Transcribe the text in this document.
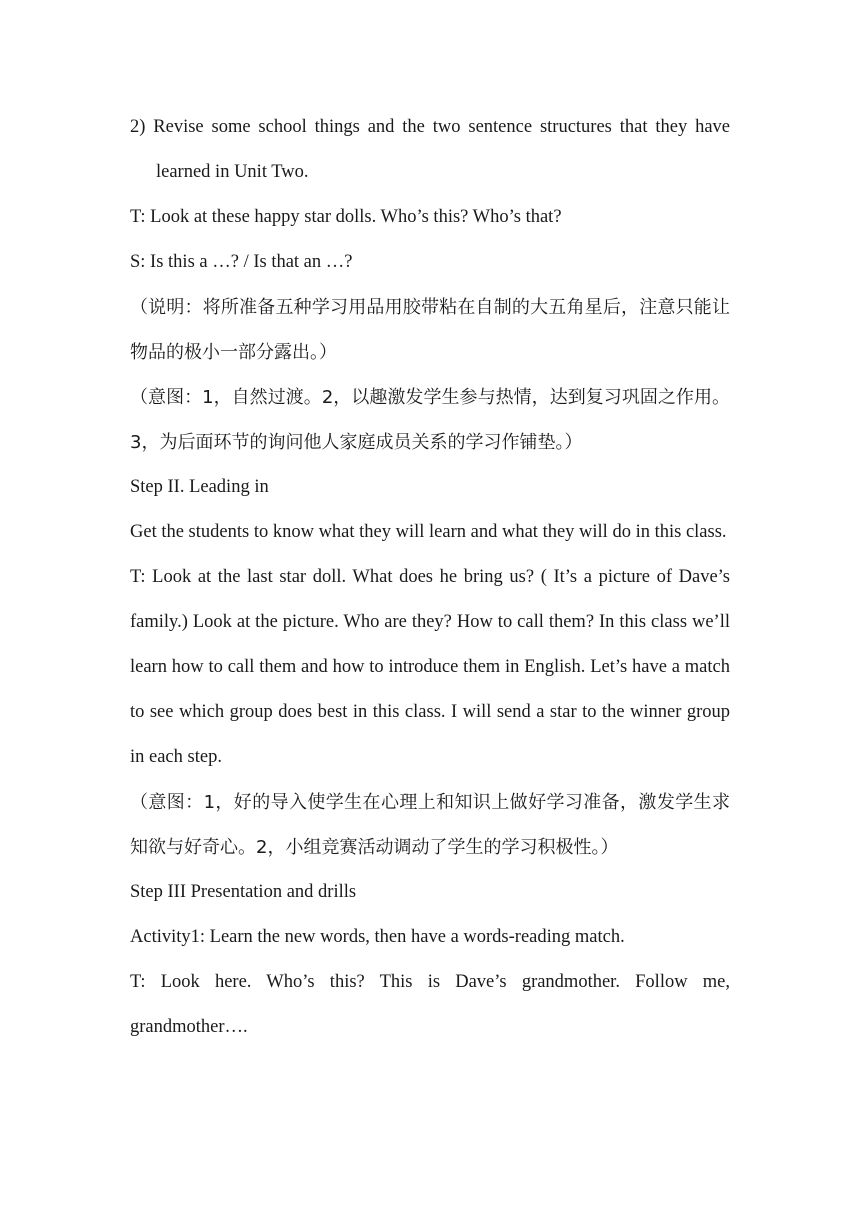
2) Revise some school things and the two sentence structures that they have learned in Unit Two.

T: Look at these happy star dolls. Who’s this? Who’s that?

S: Is this a …? / Is that an …?

（说明：将所准备五种学习用品用胶带粘在自制的大五角星后，注意只能让物品的极小一部分露出。）

（意图：1，自然过渡。2，以趣激发学生参与热情，达到复习巩固之作用。3，为后面环节的询问他人家庭成员关系的学习作铺垫。）

Step II. Leading in

Get the students to know what they will learn and what they will do in this class.

T: Look at the last star doll. What does he bring us? ( It’s a picture of Dave’s family.) Look at the picture. Who are they? How to call them? In this class we’ll learn how to call them and how to introduce them in English. Let’s have a match to see which group does best in this class. I will send a star to the winner group in each step.

（意图：1，好的导入使学生在心理上和知识上做好学习准备，激发学生求知欲与好奇心。2，小组竞赛活动调动了学生的学习积极性。）

Step III Presentation and drills

Activity1: Learn the new words, then have a words-reading match.

T: Look here. Who’s this? This is Dave’s grandmother. Follow me, grandmother….
